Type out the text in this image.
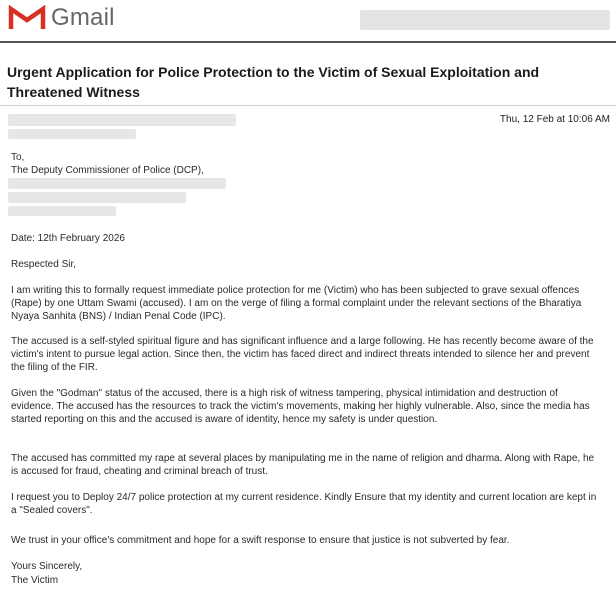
Gmail
Urgent Application for Police Protection to the Victim of Sexual Exploitation and Threatened Witness
Thu, 12 Feb at 10:06 AM
To,
The Deputy Commissioner of Police (DCP),
Date: 12th February 2026
Respected Sir,

I am writing this to formally request immediate police protection for me (Victim) who has been subjected to grave sexual offences (Rape) by one Uttam Swami (accused). I am on the verge of filing a formal complaint under the relevant sections of the Bharatiya Nyaya Sanhita (BNS) / Indian Penal Code (IPC).

The accused is a self-styled spiritual figure and has significant influence and a large following. He has recently become aware of the victim's intent to pursue legal action. Since then, the victim has faced direct and indirect threats intended to silence her and prevent the filing of the FIR.

Given the "Godman" status of the accused, there is a high risk of witness tampering, physical intimidation and destruction of evidence. The accused has the resources to track the victim's movements, making her highly vulnerable. Also, since the media has started reporting on this and the accused is aware of identity, hence my safety is under question.

The accused has committed my rape at several places by manipulating me in the name of religion and dharma. Along with Rape, he is accused for fraud, cheating and criminal breach of trust.

I request you to Deploy 24/7 police protection at my current residence. Kindly Ensure that my identity and current location are kept in a "Sealed covers".

We trust in your office's commitment and hope for a swift response to ensure that justice is not subverted by fear.

Yours Sincerely,
The Victim
